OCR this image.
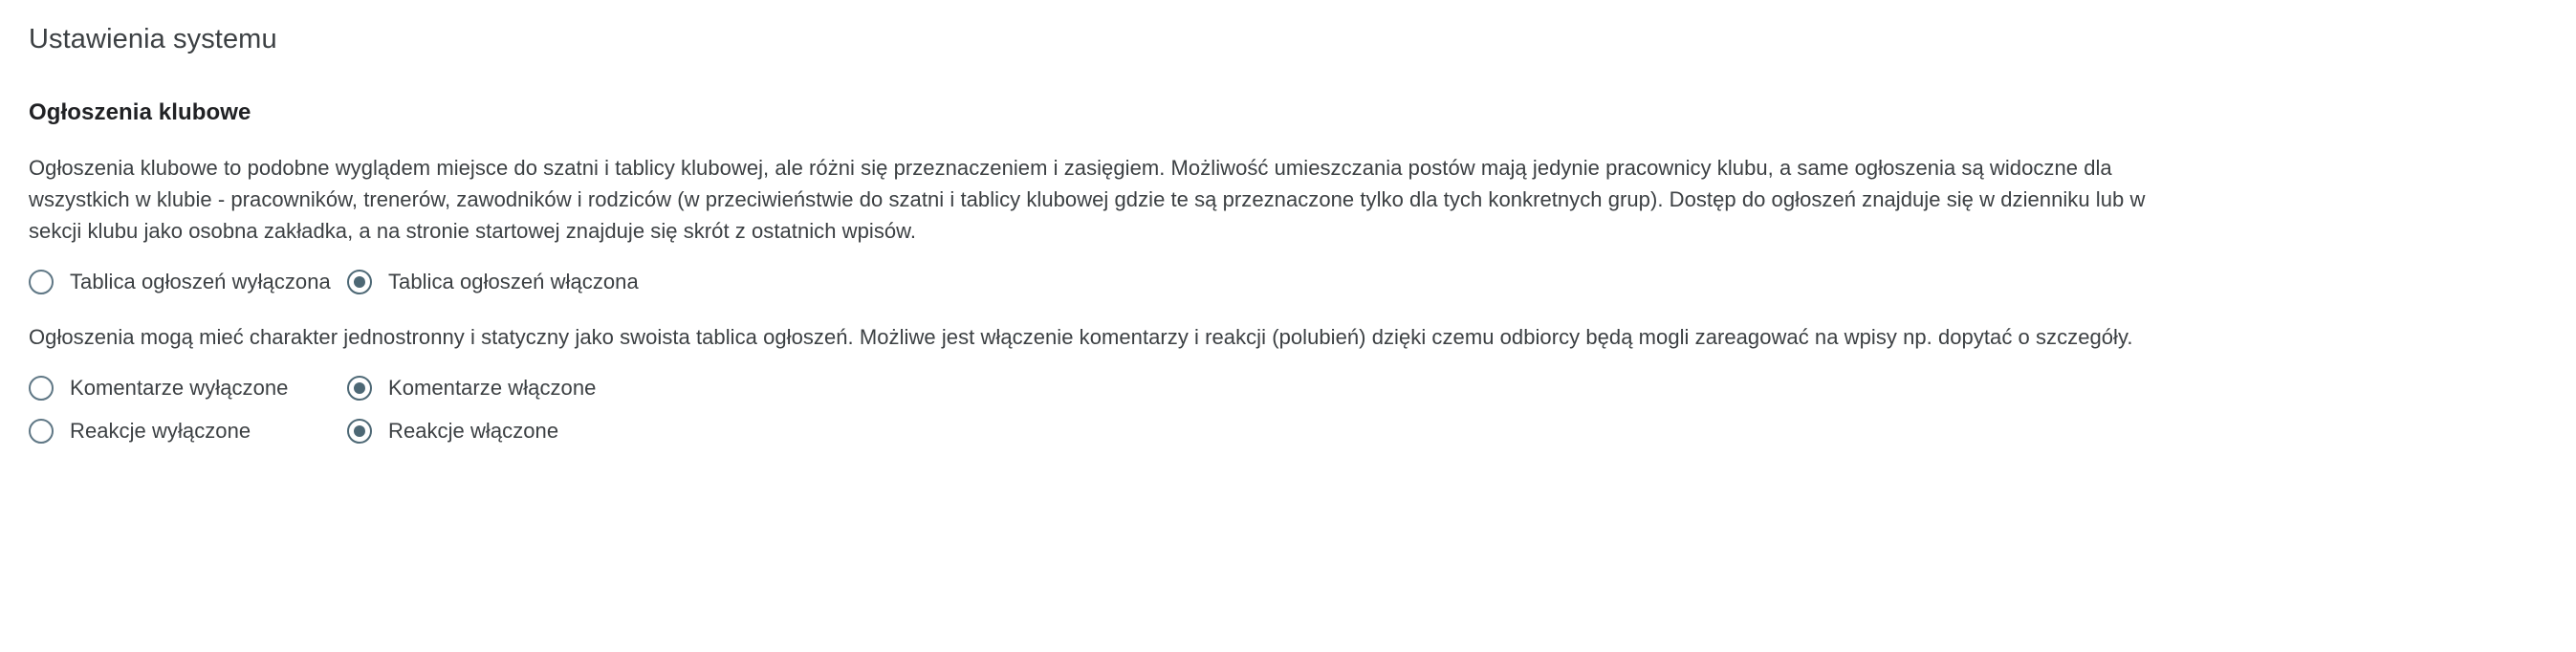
Ustawienia systemu
Ogłoszenia klubowe

Ogłoszenia klubowe to podobne wyglądem miejsce do szatni i tablicy klubowej, ale różni się przeznaczeniem i zasięgiem. Możliwość umieszczania postów mają jedynie pracownicy klubu, a same ogłoszenia są widoczne dla wszystkich w klubie - pracowników, trenerów, zawodników i rodziców (w przeciwieństwie do szatni i tablicy klubowej gdzie te są przeznaczone tylko dla tych konkretnych grup). Dostęp do ogłoszeń znajduje się w dzienniku lub w sekcji klubu jako osobna zakładka, a na stronie startowej znajduje się skrót z ostatnich wpisów.

Tablica ogłoszeń wyłączona	Tablica ogłoszeń włączona

Ogłoszenia mogą mieć charakter jednostronny i statyczny jako swoista tablica ogłoszeń. Możliwe jest włączenie komentarzy i reakcji (polubień) dzięki czemu odbiorcy będą mogli zareagować na wpisy np. dopytać o szczegóły.

Komentarze wyłączone	Komentarze włączone
Reakcje wyłączone	Reakcje włączone
